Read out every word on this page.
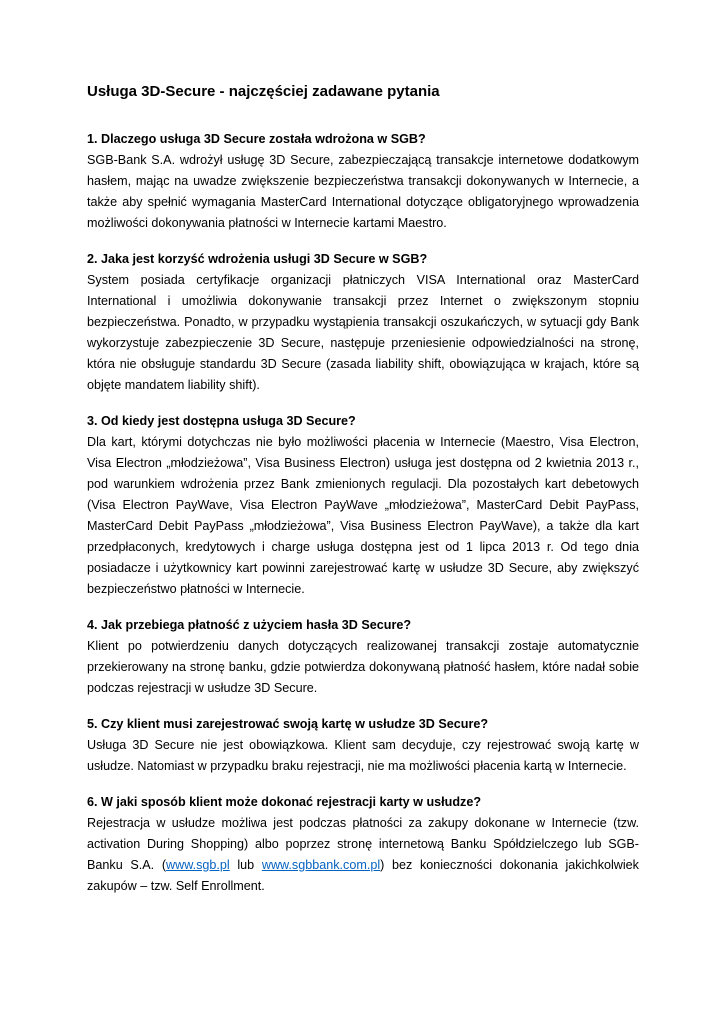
Usługa 3D-Secure - najczęściej zadawane pytania

1. Dlaczego usługa 3D Secure została wdrożona w SGB?

SGB-Bank S.A. wdrożył usługę 3D Secure, zabezpieczającą transakcje internetowe dodatkowym hasłem, mając na uwadze zwiększenie bezpieczeństwa transakcji dokonywanych w Internecie, a także aby spełnić wymagania MasterCard International dotyczące obligatoryjnego wprowadzenia możliwości dokonywania płatności w Internecie kartami Maestro.

2. Jaka jest korzyść wdrożenia usługi 3D Secure w SGB?

System posiada certyfikacje organizacji płatniczych VISA International oraz MasterCard International i umożliwia dokonywanie transakcji przez Internet o zwiększonym stopniu bezpieczeństwa. Ponadto, w przypadku wystąpienia transakcji oszukańczych, w sytuacji gdy Bank wykorzystuje zabezpieczenie 3D Secure, następuje przeniesienie odpowiedzialności na stronę, która nie obsługuje standardu 3D Secure (zasada liability shift, obowiązująca w krajach, które są objęte mandatem liability shift).

3. Od kiedy jest dostępna usługa 3D Secure?

Dla kart, którymi dotychczas nie było możliwości płacenia w Internecie (Maestro, Visa Electron, Visa Electron „młodzieżowa”, Visa Business Electron) usługa jest dostępna od 2 kwietnia 2013 r., pod warunkiem wdrożenia przez Bank zmienionych regulacji. Dla pozostałych kart debetowych (Visa Electron PayWave, Visa Electron PayWave „młodzieżowa”, MasterCard Debit PayPass, MasterCard Debit PayPass „młodzieżowa”, Visa Business Electron PayWave), a także dla kart przedpłaconych, kredytowych i charge usługa dostępna jest od 1 lipca 2013 r. Od tego dnia posiadacze i użytkownicy kart powinni zarejestrować kartę w usłudze 3D Secure, aby zwiększyć bezpieczeństwo płatności w Internecie.

4. Jak przebiega płatność z użyciem hasła 3D Secure?

Klient po potwierdzeniu danych dotyczących realizowanej transakcji zostaje automatycznie przekierowany na stronę banku, gdzie potwierdza dokonywaną płatność hasłem, które nadał sobie podczas rejestracji w usłudze 3D Secure.

5. Czy klient musi zarejestrować swoją kartę w usłudze 3D Secure?

Usługa 3D Secure nie jest obowiązkowa. Klient sam decyduje, czy rejestrować swoją kartę w usłudze. Natomiast w przypadku braku rejestracji, nie ma możliwości płacenia kartą w Internecie.

6. W jaki sposób klient może dokonać rejestracji karty w usłudze?

Rejestracja w usłudze możliwa jest podczas płatności za zakupy dokonane w Internecie (tzw. activation During Shopping) albo poprzez stronę internetową Banku Spółdzielczego lub SGB-Banku S.A. (www.sgb.pl lub www.sgbbank.com.pl) bez konieczności dokonania jakichkolwiek zakupów – tzw. Self Enrollment.
